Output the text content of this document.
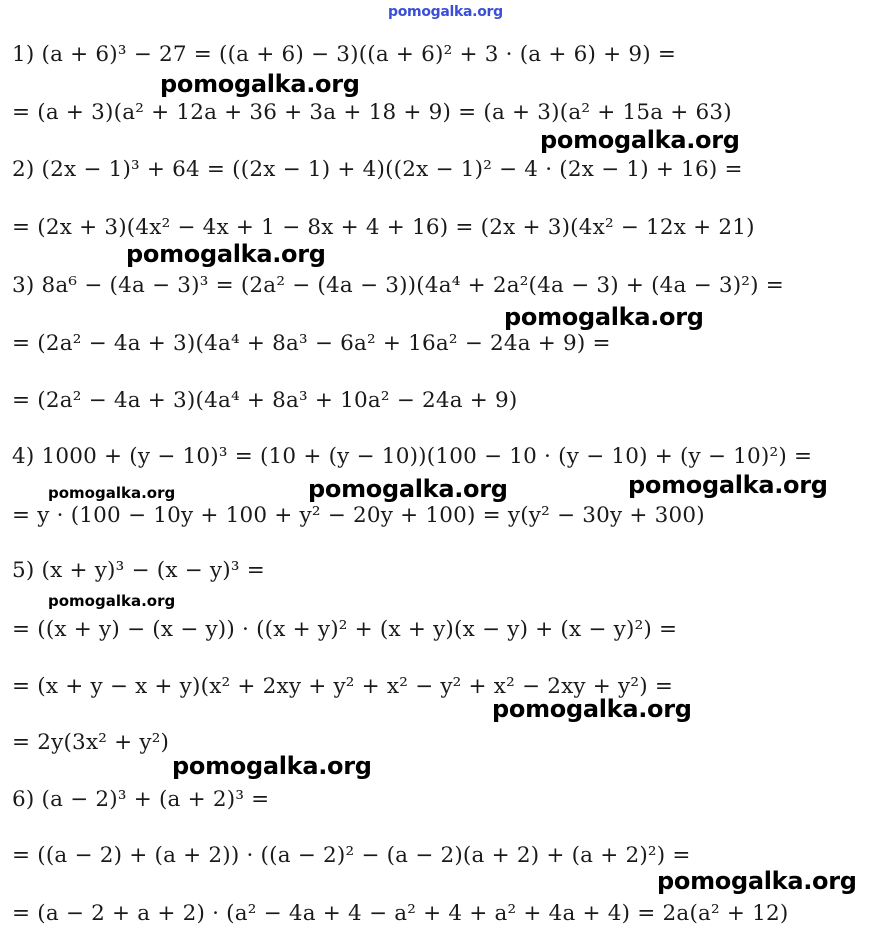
pomogalka.org
1) (a + 6)³ − 27 = ((a + 6) − 3)((a + 6)² + 3 · (a + 6) + 9) =
= (a + 3)(a² + 12a + 36 + 3a + 18 + 9) = (a + 3)(a² + 15a + 63)
2) (2x − 1)³ + 64 = ((2x − 1) + 4)((2x − 1)² − 4 · (2x − 1) + 16) =
= (2x + 3)(4x² − 4x + 1 − 8x + 4 + 16) = (2x + 3)(4x² − 12x + 21)
3) 8a⁶ − (4a − 3)³ = (2a² − (4a − 3))(4a⁴ + 2a²(4a − 3) + (4a − 3)²) =
= (2a² − 4a + 3)(4a⁴ + 8a³ − 6a² + 16a² − 24a + 9) =
= (2a² − 4a + 3)(4a⁴ + 8a³ + 10a² − 24a + 9)
4) 1000 + (y − 10)³ = (10 + (y − 10))(100 − 10 · (y − 10) + (y − 10)²) =
= y · (100 − 10y + 100 + y² − 20y + 100) = y(y² − 30y + 300)
5) (x + y)³ − (x − y)³ =
= ((x + y) − (x − y)) · ((x + y)² + (x + y)(x − y) + (x − y)²) =
= (x + y − x + y)(x² + 2xy + y² + x² − y² + x² − 2xy + y²) =
= 2y(3x² + y²)
6) (a − 2)³ + (a + 2)³ =
= ((a − 2) + (a + 2)) · ((a − 2)² − (a − 2)(a + 2) + (a + 2)²) =
= (a − 2 + a + 2) · (a² − 4a + 4 − a² + 4 + a² + 4a + 4) = 2a(a² + 12)
pomogalka.org
pomogalka.org
pomogalka.org
pomogalka.org
pomogalka.org	pomogalka.org	pomogalka.org
pomogalka.org
pomogalka.org
pomogalka.org
pomogalka.org
